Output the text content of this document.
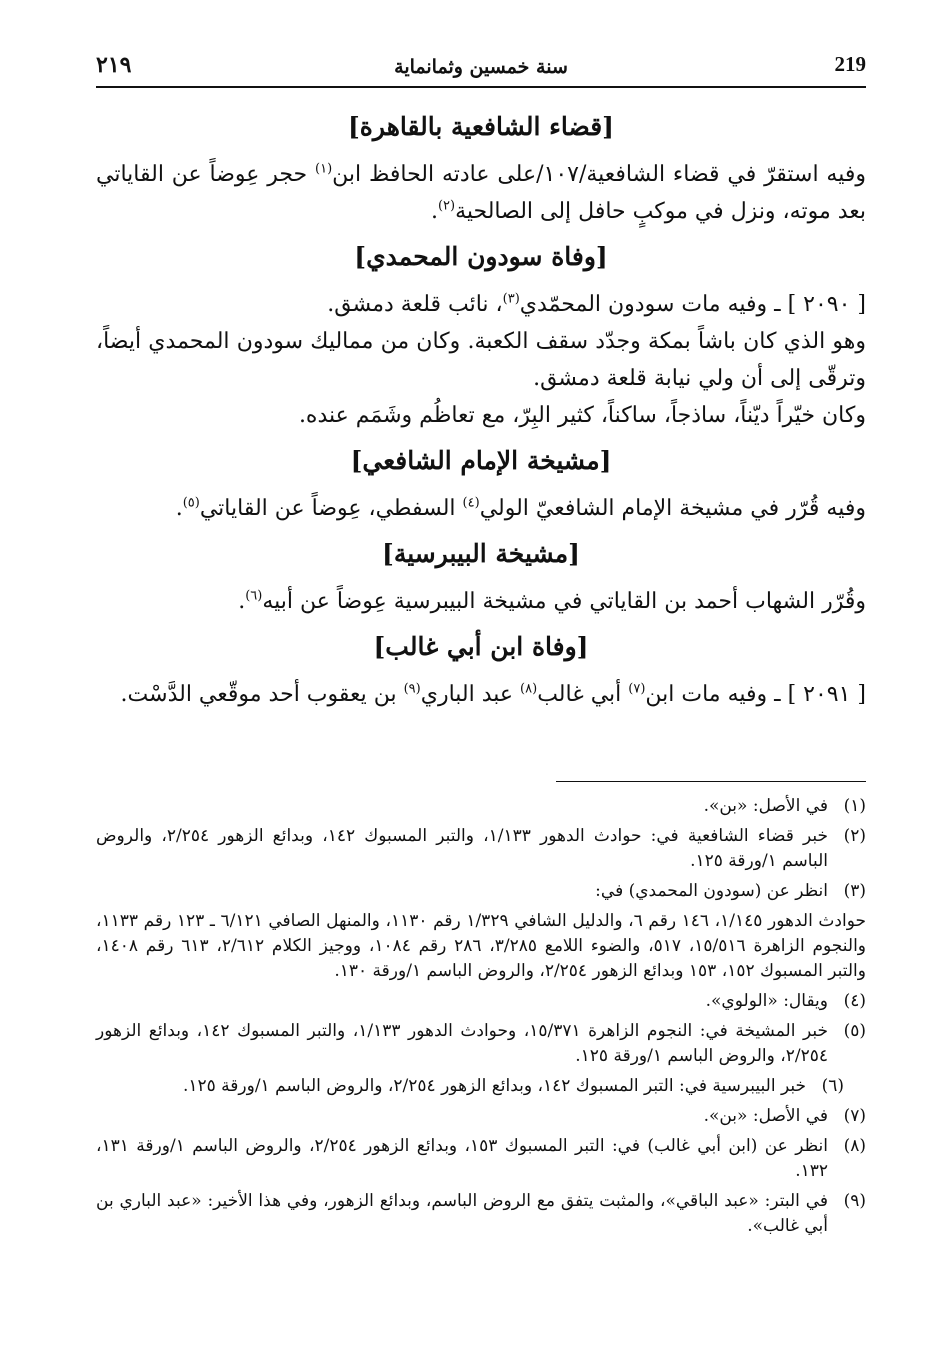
٢١٩	سنة خمسين وثمانماية	219
[قضاء الشافعية بالقاهرة]

وفيه استقرّ في قضاء الشافعية/١٠٧/على عادته الحافظ ابن$^{(١)}$ حجر عِوضاً عن القاياتي بعد موته، ونزل في موكبٍ حافل إلى الصالحية$^{(٢)}$.

[وفاة سودون المحمدي]

[ ٢٠٩٠ ] ـ وفيه مات سودون المحمّدي$^{(٣)}$، نائب قلعة دمشق.

وهو الذي كان باشاً بمكة وجدّد سقف الكعبة. وكان من مماليك سودون المحمدي أيضاً، وترقّى إلى أن ولي نيابة قلعة دمشق.

وكان خيّراً ديّناً، ساذجاً، ساكناً، كثير البِرّ، مع تعاظُم وشَمَم عنده.

[مشيخة الإمام الشافعي]

وفيه قُرّر في مشيخة الإمام الشافعيّ الولي$^{(٤)}$ السفطي، عِوضاً عن القاياتي$^{(٥)}$.

[مشيخة البيبرسية]

وقُرّر الشهاب أحمد بن القاياتي في مشيخة البيبرسية عِوضاً عن أبيه$^{(٦)}$.

[وفاة ابن أبي غالب]

[ ٢٠٩١ ] ـ وفيه مات ابن$^{(٧)}$ أبي غالب$^{(٨)}$ عبد الباري$^{(٩)}$ بن يعقوب أحد موقّعي الدَّسْت.

(١)
في الأصل: «بن».
(٢)
خبر قضاء الشافعية في: حوادث الدهور ١/١٣٣، والتبر المسبوك ١٤٢، وبدائع الزهور ٢/٢٥٤، والروض الباسم ١/ورقة ١٢٥.
(٣)
انظر عن (سودون المحمدي) في:
حوادث الدهور ١/١٤٥، ١٤٦ رقم ٦، والدليل الشافي ١/٣٢٩ رقم ١١٣٠، والمنهل الصافي ٦/١٢١ ـ ١٢٣ رقم ١١٣٣، والنجوم الزاهرة ١٥/٥١٦، ٥١٧، والضوء اللامع ٣/٢٨٥، ٢٨٦ رقم ١٠٨٤، ووجيز الكلام ٢/٦١٢، ٦١٣ رقم ١٤٠٨، والتبر المسبوك ١٥٢، ١٥٣ وبدائع الزهور ٢/٢٥٤، والروض الباسم ١/ورقة ١٣٠.
(٤)
ويقال: «الولوي».
(٥)
خبر المشيخة في: النجوم الزاهرة ١٥/٣٧١، وحوادث الدهور ١/١٣٣، والتبر المسبوك ١٤٢، وبدائع الزهور ٢/٢٥٤، والروض الباسم ١/ورقة ١٢٥.
(٦)
خبر البيبرسية في: التبر المسبوك ١٤٢، وبدائع الزهور ٢/٢٥٤، والروض الباسم ١/ورقة ١٢٥.
(٧)
في الأصل: «بن».
(٨)
انظر عن (ابن أبي غالب) في: التبر المسبوك ١٥٣، وبدائع الزهور ٢/٢٥٤، والروض الباسم ١/ورقة ١٣١، ١٣٢.
(٩)
في البتر: «عبد الباقي»، والمثبت يتفق مع الروض الباسم، وبدائع الزهور، وفي هذا الأخير: «عبد الباري بن أبي غالب».
